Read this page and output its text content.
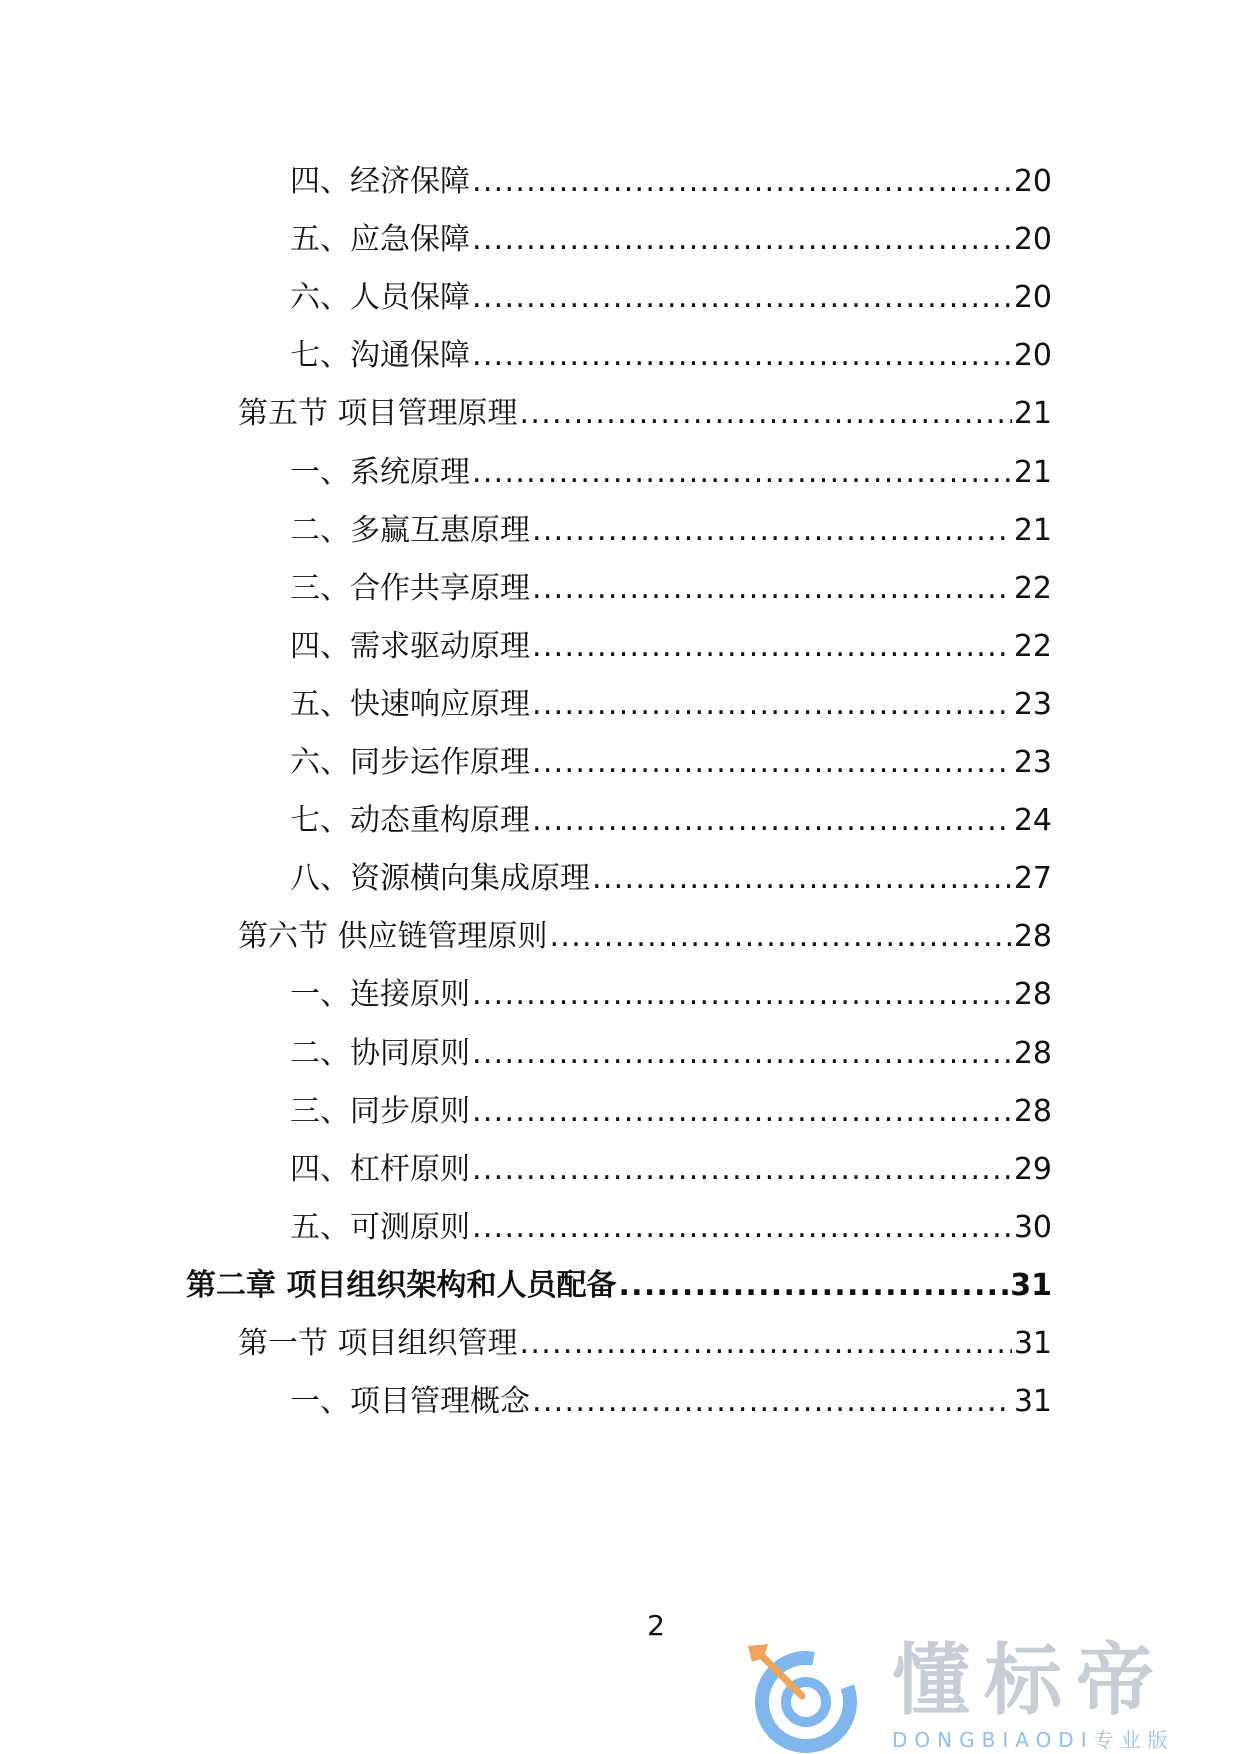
四、经济保障 .....	20
五、应急保障 .....	20
六、人员保障 .....	20
七、沟通保障 .....	20
第五节 项目管理原理 .....	21
一、系统原理 .....	21
二、多赢互惠原理 .....	21
三、合作共享原理 .....	22
四、需求驱动原理 .....	22
五、快速响应原理 .....	23
六、同步运作原理 .....	23
七、动态重构原理 .....	24
八、资源横向集成原理 .....	27
第六节 供应链管理原则 .....	28
一、连接原则 .....	28
二、协同原则 .....	28
三、同步原则 .....	28
四、杠杆原则 .....	29
五、可测原则 .....	30
第二章 项目组织架构和人员配备 .....	31
第一节 项目组织管理 .....	31
一、项目管理概念 .....	31
2
懂标帝
DONGBIAODI专业版
